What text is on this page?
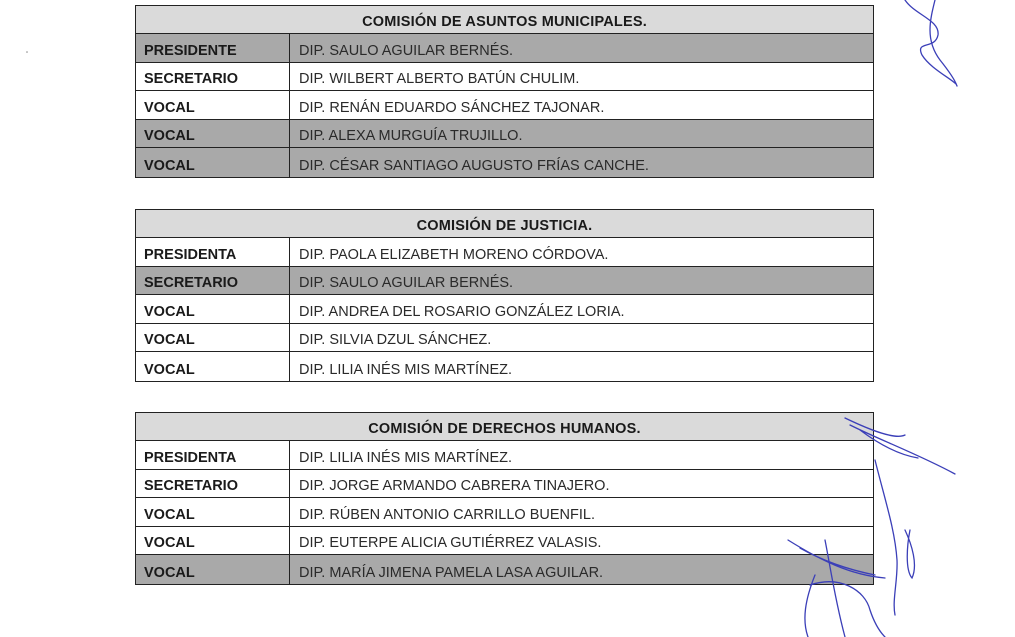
COMISIÓN DE ASUNTOS MUNICIPALES.
PRESIDENTE	DIP. SAULO AGUILAR BERNÉS.
SECRETARIO	DIP. WILBERT ALBERTO BATÚN CHULIM.
VOCAL	DIP. RENÁN EDUARDO SÁNCHEZ TAJONAR.
VOCAL	DIP. ALEXA MURGUÍA TRUJILLO.
VOCAL	DIP. CÉSAR SANTIAGO AUGUSTO FRÍAS CANCHE.
COMISIÓN DE JUSTICIA.
PRESIDENTA	DIP. PAOLA ELIZABETH MORENO CÓRDOVA.
SECRETARIO	DIP. SAULO AGUILAR BERNÉS.
VOCAL	DIP. ANDREA DEL ROSARIO GONZÁLEZ LORIA.
VOCAL	DIP. SILVIA DZUL SÁNCHEZ.
VOCAL	DIP. LILIA INÉS MIS MARTÍNEZ.
COMISIÓN DE DERECHOS HUMANOS.
PRESIDENTA	DIP. LILIA INÉS MIS MARTÍNEZ.
SECRETARIO	DIP. JORGE ARMANDO CABRERA TINAJERO.
VOCAL	DIP. RÚBEN ANTONIO CARRILLO BUENFIL.
VOCAL	DIP. EUTERPE ALICIA GUTIÉRREZ VALASIS.
VOCAL	DIP. MARÍA JIMENA PAMELA LASA AGUILAR.
